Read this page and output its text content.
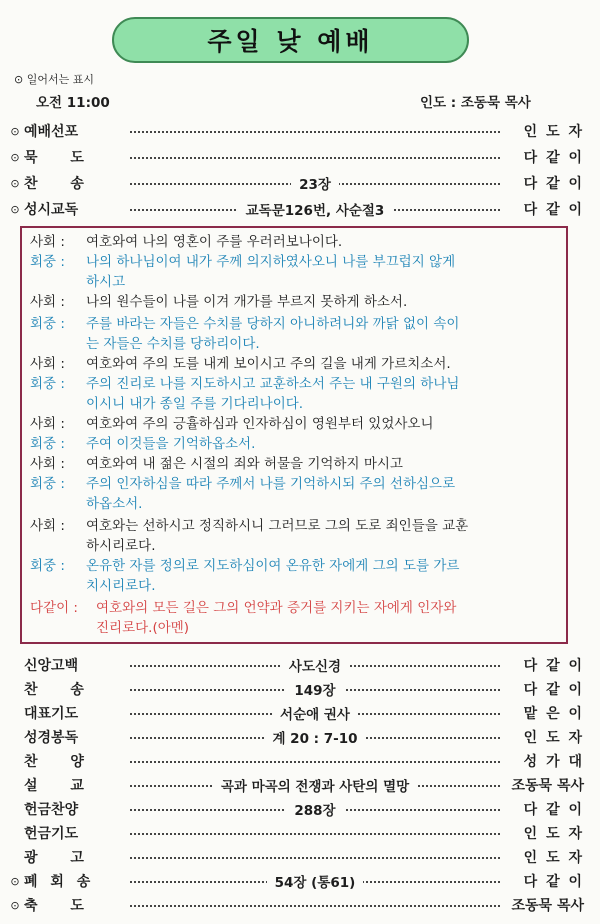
주일 낮 예배
⊙ 일어서는 표시
오전 11:00	인도 : 조동묵 목사
⊙ 예배선포	인 도 자
⊙ 묵 도	다 같 이
⊙ 찬 송	23장	다 같 이
⊙ 성시교독	교독문126번, 사순절3	다 같 이
사회 : 여호와여 나의 영혼이 주를 우러러보나이다.
회중 : 나의 하나님이여 내가 주께 의지하였사오니 나를 부끄럽지 않게
하시고
사회 : 나의 원수들이 나를 이겨 개가를 부르지 못하게 하소서.
회중 : 주를 바라는 자들은 수치를 당하지 아니하려니와 까닭 없이 속이
는 자들은 수치를 당하리이다.
사회 : 여호와여 주의 도를 내게 보이시고 주의 길을 내게 가르치소서.
회중 : 주의 진리로 나를 지도하시고 교훈하소서 주는 내 구원의 하나님
이시니 내가 종일 주를 기다리나이다.
사회 : 여호와여 주의 긍휼하심과 인자하심이 영원부터 있었사오니
회중 : 주여 이것들을 기억하옵소서.
사회 : 여호와여 내 젊은 시절의 죄와 허물을 기억하지 마시고
회중 : 주의 인자하심을 따라 주께서 나를 기억하시되 주의 선하심으로
하옵소서.
사회 : 여호와는 선하시고 정직하시니 그러므로 그의 도로 죄인들을 교훈
하시리로다.
회중 : 온유한 자를 정의로 지도하심이여 온유한 자에게 그의 도를 가르
치시리로다.
다같이 : 여호와의 모든 길은 그의 언약과 증거를 지키는 자에게 인자와
진리로다.(아멘)
신앙고백	사도신경	다 같 이
찬 송	149장	다 같 이
대표기도	서순애 권사	맡 은 이
성경봉독	계 20 : 7-10	인 도 자
찬 양	성 가 대
설 교	곡과 마곡의 전쟁과 사탄의 멸망	조동묵 목사
헌금찬양	288장	다 같 이
헌금기도	인 도 자
광 고	인 도 자
⊙ 폐 회 송	54장 (통61)	다 같 이
⊙ 축 도	조동묵 목사
